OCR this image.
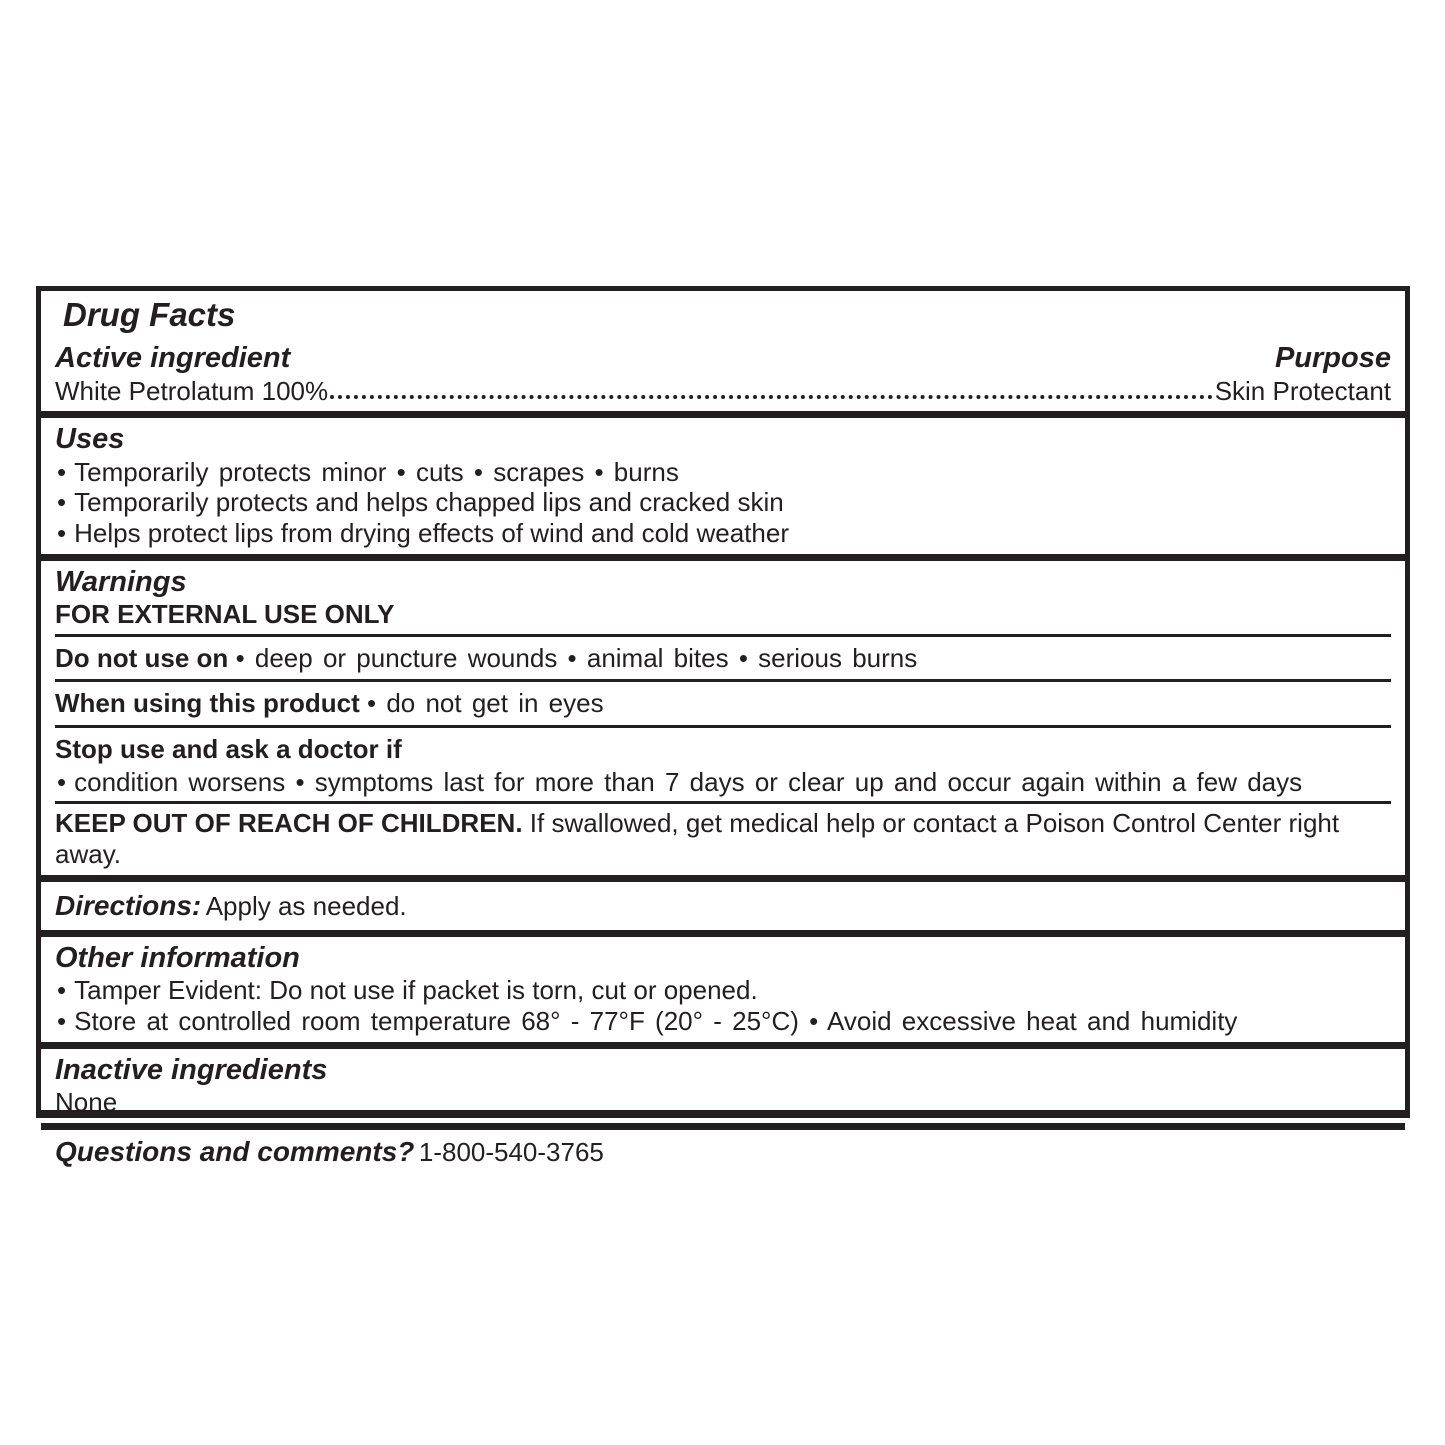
Drug Facts
Active ingredient	Purpose
White Petrolatum 100%	Skin Protectant
Uses
• Temporarily protects minor • cuts • scrapes • burns
• Temporarily protects and helps chapped lips and cracked skin
• Helps protect lips from drying effects of wind and cold weather
Warnings
FOR EXTERNAL USE ONLY
Do not use on • deep or puncture wounds • animal bites • serious burns
When using this product • do not get in eyes
Stop use and ask a doctor if
• condition worsens • symptoms last for more than 7 days or clear up and occur again within a few days
KEEP OUT OF REACH OF CHILDREN. If swallowed, get medical help or contact a Poison Control Center right away.
Directions: Apply as needed.
Other information
• Tamper Evident: Do not use if packet is torn, cut or opened.
• Store at controlled room temperature 68° - 77°F (20° - 25°C) • Avoid excessive heat and humidity
Inactive ingredients
None
Questions and comments? 1-800-540-3765
